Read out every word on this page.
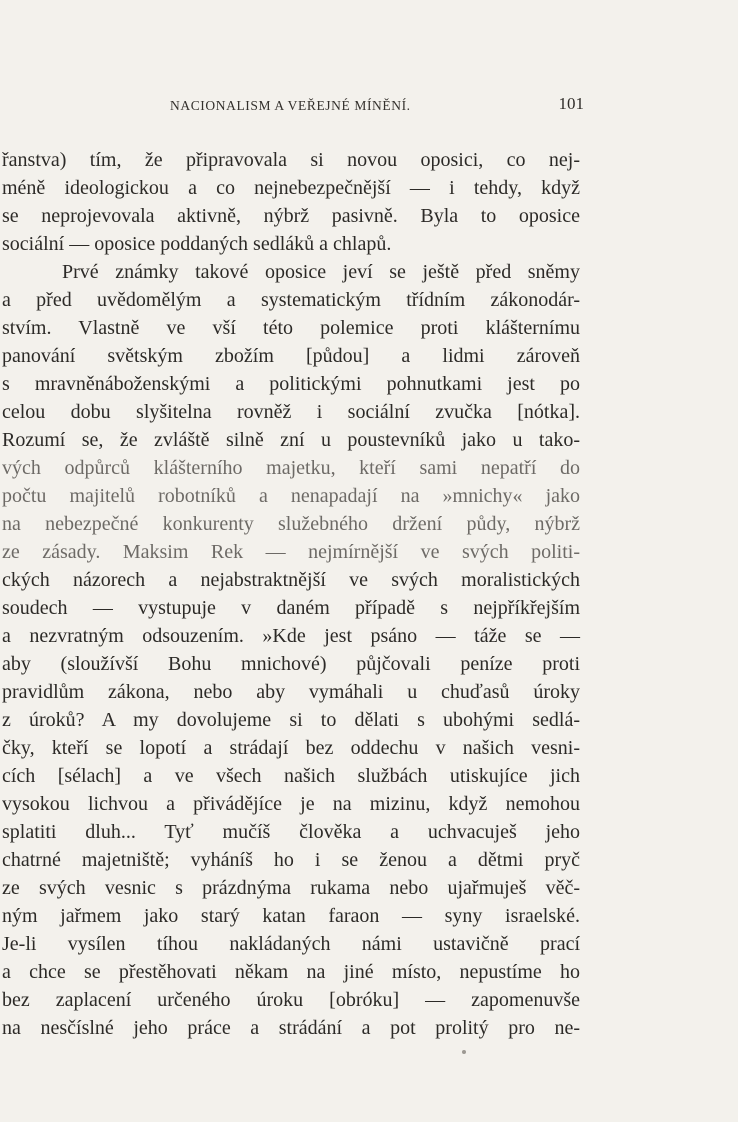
NACIONALISM A VEŘEJNÉ MÍNĚNÍ.	101
řanstva) tím, že připravovala si novou oposici, co nej-
méně ideologickou a co nejnebezpečnější — i tehdy, když
se neprojevovala aktivně, nýbrž pasivně. Byla to oposice
sociální — oposice poddaných sedláků a chlapů.
Prvé známky takové oposice jeví se ještě před sněmy
a před uvědomělým a systematickým třídním zákonodár-
stvím. Vlastně ve vší této polemice proti klášternímu
panování světským zbožím [půdou] a lidmi zároveň
s mravněnáboženskými a politickými pohnutkami jest po
celou dobu slyšitelna rovněž i sociální zvučka [nótka].
Rozumí se, že zvláště silně zní u poustevníků jako u tako-
vých odpůrců klášterního majetku, kteří sami nepatří do
počtu majitelů robotníků a nenapadají na »mnichy« jako
na nebezpečné konkurenty služebného držení půdy, nýbrž
ze zásady. Maksim Rek — nejmírnější ve svých politi-
ckých názorech a nejabstraktnější ve svých moralistických
soudech — vystupuje v daném případě s nejpříkřejším
a nezvratným odsouzením. »Kde jest psáno — táže se —
aby (sloužívší Bohu mnichové) půjčovali peníze proti
pravidlům zákona, nebo aby vymáhali u chuďasů úroky
z úroků? A my dovolujeme si to dělati s ubohými sedlá-
čky, kteří se lopotí a strádají bez oddechu v našich vesni-
cích [sélach] a ve všech našich službách utiskujíce jich
vysokou lichvou a přivádějíce je na mizinu, když nemohou
splatiti dluh... Tyť mučíš člověka a uchvacuješ jeho
chatrné majetniště; vyháníš ho i se ženou a dětmi pryč
ze svých vesnic s prázdnýma rukama nebo ujařmuješ věč-
ným jařmem jako starý katan faraon — syny israelské.
Je-li vysílen tíhou nakládaných námi ustavičně prací
a chce se přestěhovati někam na jiné místo, nepustíme ho
bez zaplacení určeného úroku [obróku] — zapomenuvše
na nesčíslné jeho práce a strádání a pot prolitý pro ne-
